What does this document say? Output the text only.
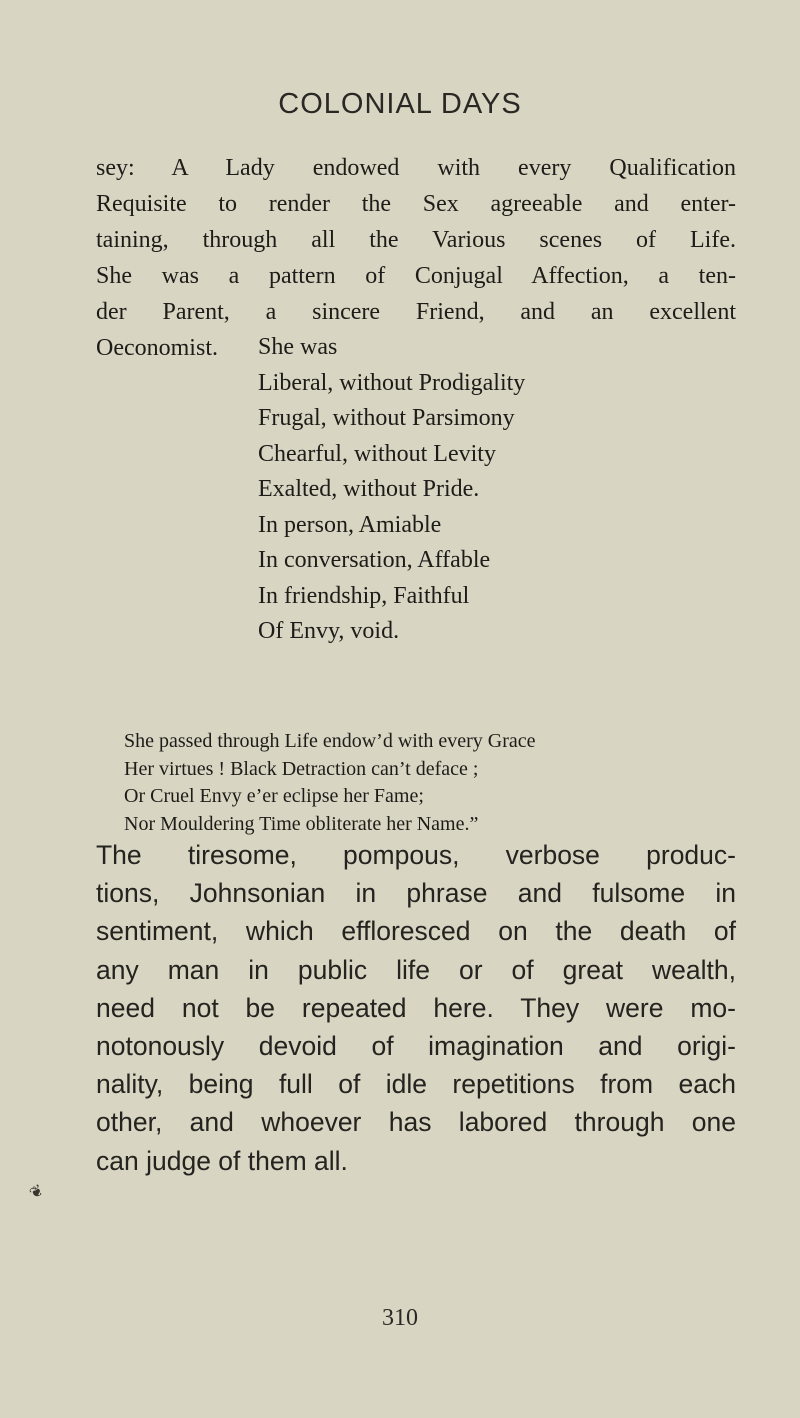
COLONIAL DAYS
sey: A Lady endowed with every Qualification
Requisite to render the Sex agreeable and enter-
taining, through all the Various scenes of Life.
She was a pattern of Conjugal Affection, a ten-
der Parent, a sincere Friend, and an excellent
Oeconomist.	She was
Liberal, without Prodigality
Frugal, without Parsimony
Chearful, without Levity
Exalted, without Pride.
In person, Amiable
In conversation, Affable
In friendship, Faithful
Of Envy, void.
She passed through Life endow’d with every Grace
Her virtues ! Black Detraction can’t deface ;
Or Cruel Envy e’er eclipse her Fame;
Nor Mouldering Time obliterate her Name.”
The tiresome, pompous, verbose produc-
tions, Johnsonian in phrase and fulsome in
sentiment, which effloresced on the death of
any man in public life or of great wealth,
need not be repeated here. They were mo-
notonously devoid of imagination and origi-
nality, being full of idle repetitions from each
other, and whoever has labored through one
can judge of them all.
310
❦
